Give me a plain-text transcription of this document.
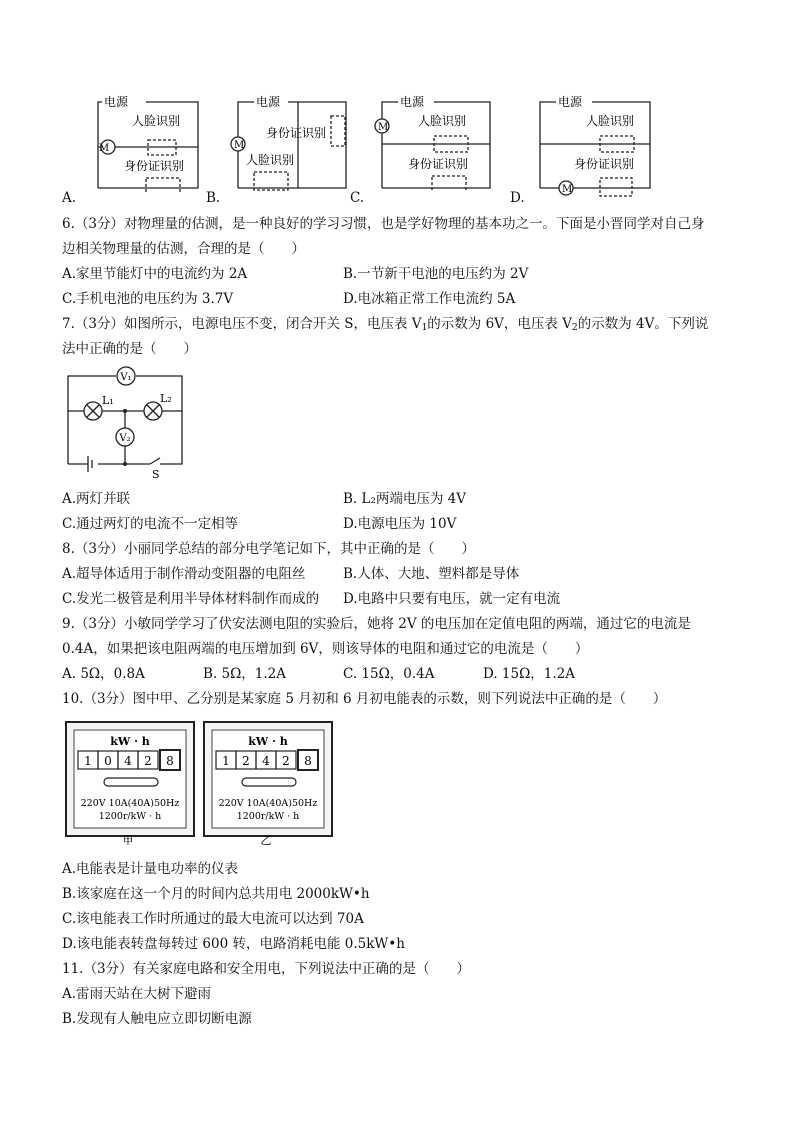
电源
M
人脸识别
身份证识别
A.
电源
M
身份证识别
人脸识别
B.
电源
M 人脸识别
身份证识别
C.
电源
M
人脸识别
身份证识别
D.
6.（3分）对物理量的估测，是一种良好的学习习惯，也是学好物理的基本功之一。下面是小晋同学对自己身
边相关物理量的估测，合理的是（　　）
A.家里节能灯中的电流约为 2A	B.一节新干电池的电压约为 2V
C.手机电池的电压约为 3.7V	D.电冰箱正常工作电流约 5A
7.（3分）如图所示，电源电压不变，闭合开关 S，电压表 $V_1$的示数为 6V，电压表 $V_2$的示数为 4V。下列说
法中正确的是（　　）
V₁
V₂
L₁	L₂
S
A.两灯并联	B. L₂两端电压为 4V
C.通过两灯的电流不一定相等	D.电源电压为 10V
8.（3分）小丽同学总结的部分电学笔记如下，其中正确的是（　　）
A.超导体适用于制作滑动变阻器的电阻丝	B.人体、大地、塑料都是导体
C.发光二极管是利用半导体材料制作而成的 D.电路中只要有电压，就一定有电流
9.（3分）小敏同学学习了伏安法测电阻的实验后，她将 2V 的电压加在定值电阻的两端，通过它的电流是
0.4A，如果把该电阻两端的电压增加到 6V，则该导体的电阻和通过它的电流是（　　）
A. 5Ω，0.8A	B. 5Ω，1.2A	C. 15Ω，0.4A	D. 15Ω，1.2A
10.（3分）图中甲、乙分别是某家庭 5 月初和 6 月初电能表的示数，则下列说法中正确的是（　　）
kW · h
1 0 4 2 8
220V 10A(40A)50Hz
1200r/kW · h
甲
kW · h
1 2 4 2 8
220V 10A(40A)50Hz
1200r/kW · h
乙
A.电能表是计量电功率的仪表
B.该家庭在这一个月的时间内总共用电 2000kW•h
C.该电能表工作时所通过的最大电流可以达到 70A
D.该电能表转盘每转过 600 转，电路消耗电能 0.5kW•h
11.（3分）有关家庭电路和安全用电，下列说法中正确的是（　　）
A.雷雨天站在大树下避雨
B.发现有人触电应立即切断电源
